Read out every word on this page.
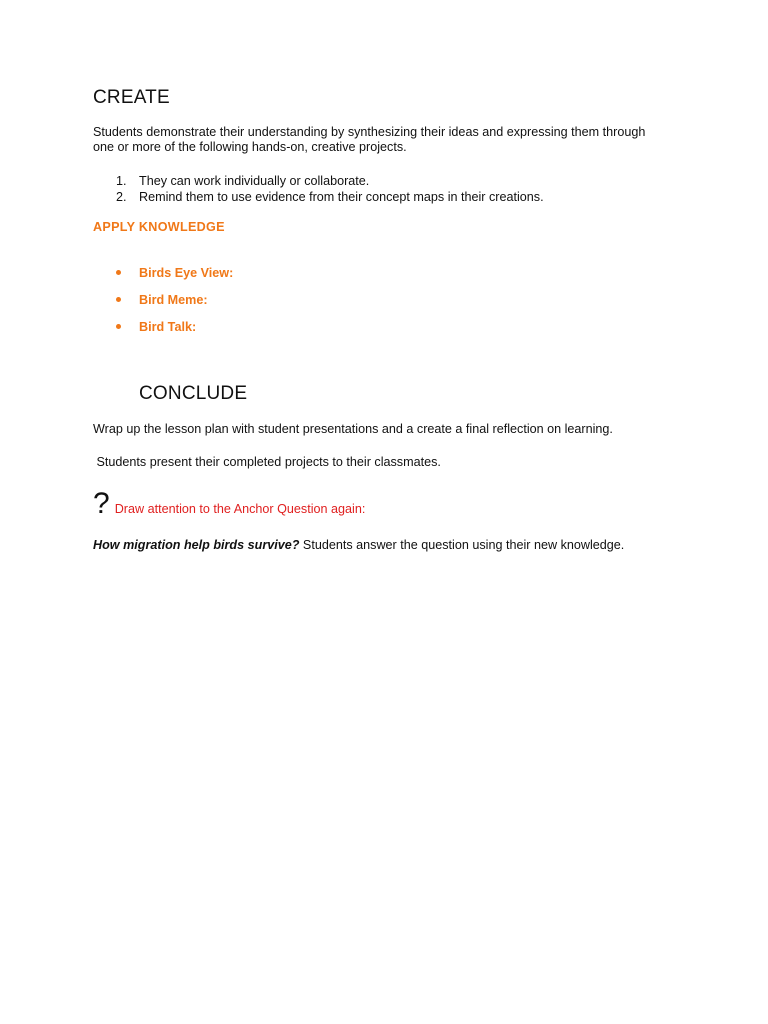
CREATE
Students demonstrate their understanding by synthesizing their ideas and expressing them through one or more of the following hands-on, creative projects.
1. They can work individually or collaborate.
2. Remind them to use evidence from their concept maps in their creations.
APPLY KNOWLEDGE
Birds Eye View:
Bird Meme:
Bird Talk:
CONCLUDE
Wrap up the lesson plan with student presentations and a create a final reflection on learning.
Students present their completed projects to their classmates.
? Draw attention to the Anchor Question again:
How migration help birds survive? Students answer the question using their new knowledge.
